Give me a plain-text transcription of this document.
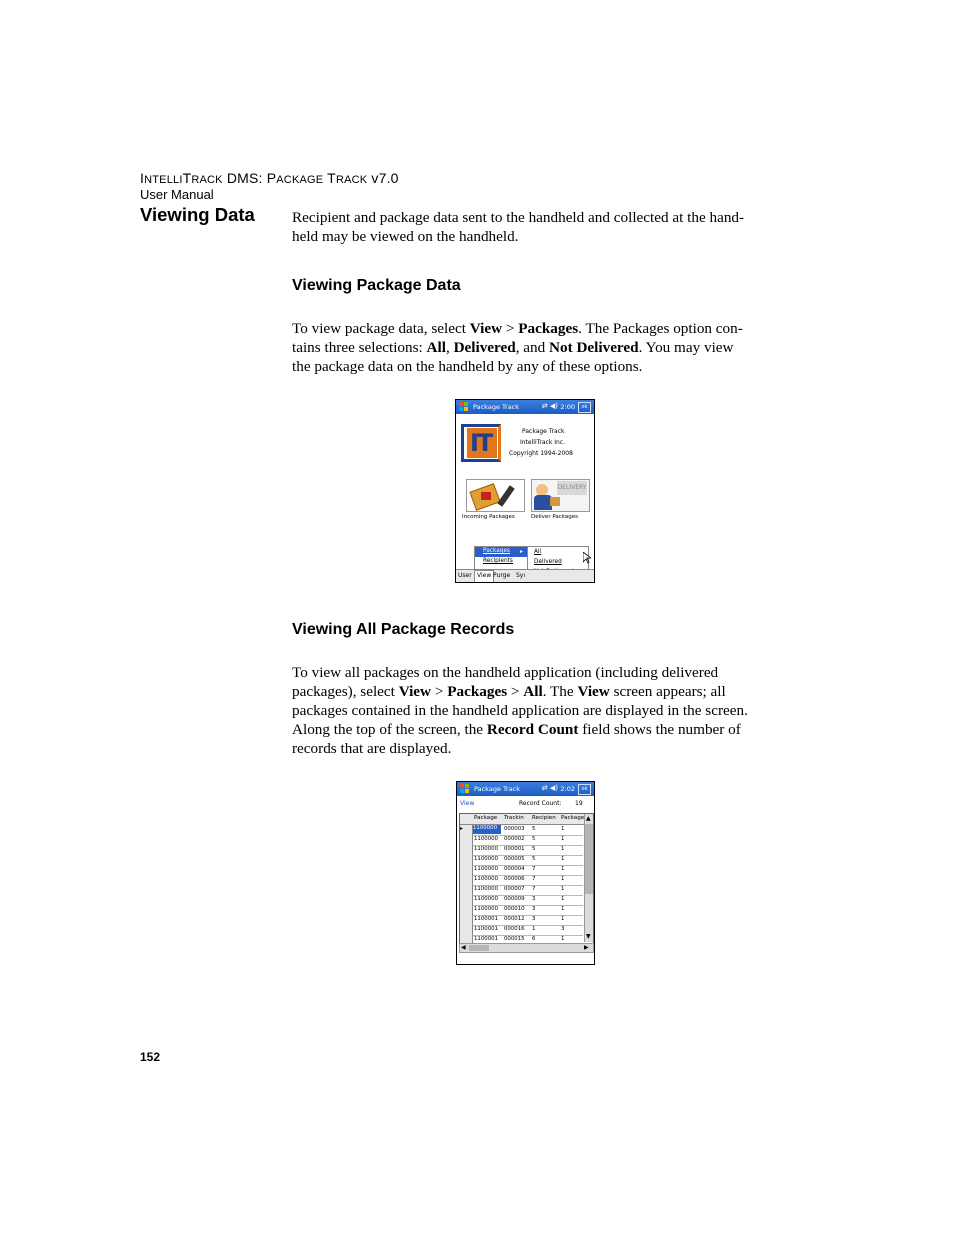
INTELLITRACK DMS: PACKAGE TRACK v7.0
User Manual
Viewing Data Recipient and package data sent to the handheld and collected at the hand-
held may be viewed on the handheld.
Viewing Package Data
To view package data, select View > Packages. The Packages option con-
tains three selections: All, Delivered, and Not Delivered. You may view
the package data on the handheld by any of these options.
Package Track	⇄ ◀) 2:00	ok
IT	Package Track
IntelliTrack Inc.
Copyright 1994-2008
Incoming Packages
DELIVERY
Deliver Packages
Packages ▸
Recipients
All
Delivered
User View Purge Syı
Viewing All Package Records
To view all packages on the handheld application (including delivered
packages), select View > Packages > All. The View screen appears; all
packages contained in the handheld application are displayed in the screen.
Along the top of the screen, the Record Count field shows the number of
records that are displayed.
Package Track	⇄ ◀) 2:02	ok
View	Record Count: 19
Package Trackin Recipien Package
▸	1100000	000003	5	1
1100000	000002	5	1
1100000	000001	5	1
1100000	000005	5	1
1100000	000004	7	1
1100000	000006	7	1
1100000	000007	7	1
1100000	000009	3	1
1100000	000010	3	1
1100001	000012	3	1
1100001	000016	1	3
1100001	000015	6	1
▲
▼
◀	▶
152
